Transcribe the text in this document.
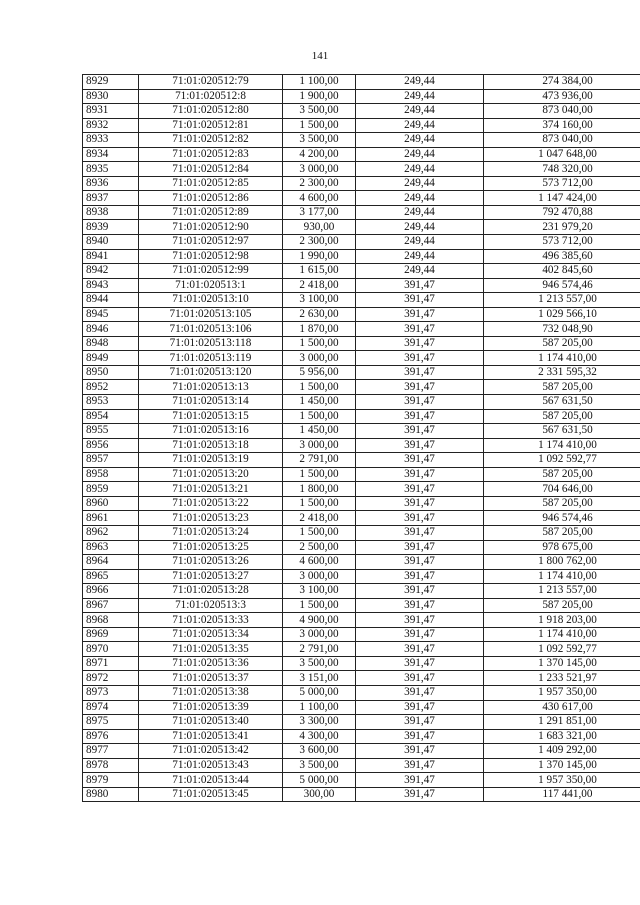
141
8929	71:01:020512:79	1 100,00	249,44	274 384,00
8930	71:01:020512:8	1 900,00	249,44	473 936,00
8931	71:01:020512:80	3 500,00	249,44	873 040,00
8932	71:01:020512:81	1 500,00	249,44	374 160,00
8933	71:01:020512:82	3 500,00	249,44	873 040,00
8934	71:01:020512:83	4 200,00	249,44	1 047 648,00
8935	71:01:020512:84	3 000,00	249,44	748 320,00
8936	71:01:020512:85	2 300,00	249,44	573 712,00
8937	71:01:020512:86	4 600,00	249,44	1 147 424,00
8938	71:01:020512:89	3 177,00	249,44	792 470,88
8939	71:01:020512:90	930,00	249,44	231 979,20
8940	71:01:020512:97	2 300,00	249,44	573 712,00
8941	71:01:020512:98	1 990,00	249,44	496 385,60
8942	71:01:020512:99	1 615,00	249,44	402 845,60
8943	71:01:020513:1	2 418,00	391,47	946 574,46
8944	71:01:020513:10	3 100,00	391,47	1 213 557,00
8945	71:01:020513:105	2 630,00	391,47	1 029 566,10
8946	71:01:020513:106	1 870,00	391,47	732 048,90
8948	71:01:020513:118	1 500,00	391,47	587 205,00
8949	71:01:020513:119	3 000,00	391,47	1 174 410,00
8950	71:01:020513:120	5 956,00	391,47	2 331 595,32
8952	71:01:020513:13	1 500,00	391,47	587 205,00
8953	71:01:020513:14	1 450,00	391,47	567 631,50
8954	71:01:020513:15	1 500,00	391,47	587 205,00
8955	71:01:020513:16	1 450,00	391,47	567 631,50
8956	71:01:020513:18	3 000,00	391,47	1 174 410,00
8957	71:01:020513:19	2 791,00	391,47	1 092 592,77
8958	71:01:020513:20	1 500,00	391,47	587 205,00
8959	71:01:020513:21	1 800,00	391,47	704 646,00
8960	71:01:020513:22	1 500,00	391,47	587 205,00
8961	71:01:020513:23	2 418,00	391,47	946 574,46
8962	71:01:020513:24	1 500,00	391,47	587 205,00
8963	71:01:020513:25	2 500,00	391,47	978 675,00
8964	71:01:020513:26	4 600,00	391,47	1 800 762,00
8965	71:01:020513:27	3 000,00	391,47	1 174 410,00
8966	71:01:020513:28	3 100,00	391,47	1 213 557,00
8967	71:01:020513:3	1 500,00	391,47	587 205,00
8968	71:01:020513:33	4 900,00	391,47	1 918 203,00
8969	71:01:020513:34	3 000,00	391,47	1 174 410,00
8970	71:01:020513:35	2 791,00	391,47	1 092 592,77
8971	71:01:020513:36	3 500,00	391,47	1 370 145,00
8972	71:01:020513:37	3 151,00	391,47	1 233 521,97
8973	71:01:020513:38	5 000,00	391,47	1 957 350,00
8974	71:01:020513:39	1 100,00	391,47	430 617,00
8975	71:01:020513:40	3 300,00	391,47	1 291 851,00
8976	71:01:020513:41	4 300,00	391,47	1 683 321,00
8977	71:01:020513:42	3 600,00	391,47	1 409 292,00
8978	71:01:020513:43	3 500,00	391,47	1 370 145,00
8979	71:01:020513:44	5 000,00	391,47	1 957 350,00
8980	71:01:020513:45	300,00	391,47	117 441,00
